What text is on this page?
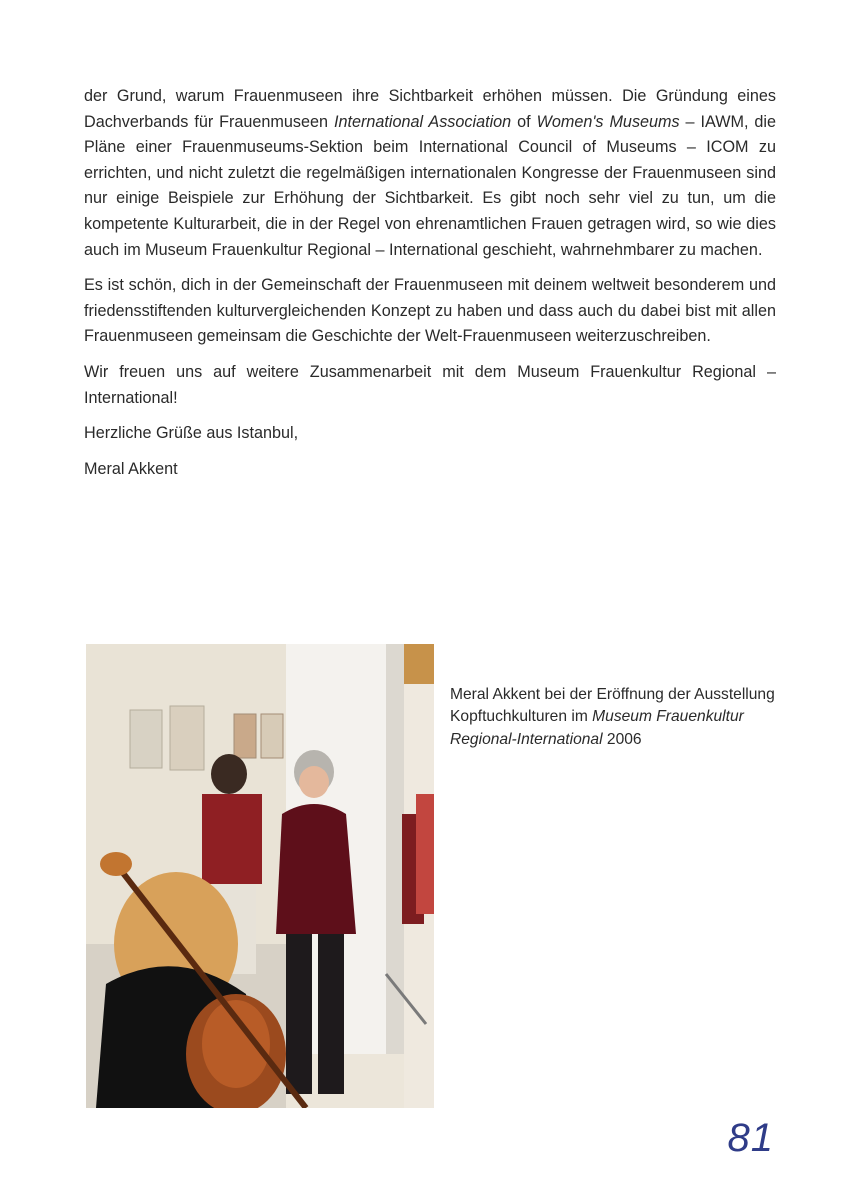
der Grund, warum Frauenmuseen ihre Sichtbarkeit erhöhen müssen. Die Gründung eines Dachverbands für Frauenmuseen International Association of Women's Museums – IAWM, die Pläne einer Frauenmuseums-Sektion beim International Council of Museums – ICOM zu errichten, und nicht zuletzt die regelmäßigen internationalen Kongresse der Frauenmuseen sind nur einige Beispiele zur Erhöhung der Sichtbarkeit. Es gibt noch sehr viel zu tun, um die kompetente Kulturarbeit, die in der Regel von ehrenamtlichen Frauen getragen wird, so wie dies auch im Museum Frauenkultur Regional – International geschieht, wahrnehmbarer zu machen.

Es ist schön, dich in der Gemeinschaft der Frauenmuseen mit deinem weltweit besonderem und friedensstiftenden kulturvergleichenden Konzept zu haben und dass auch du dabei bist mit allen Frauenmuseen gemeinsam die Geschichte der Welt-Frauenmuseen weiterzuschreiben.

Wir freuen uns auf weitere Zusammenarbeit mit dem Museum Frauenkultur Regional – International!

Herzliche Grüße aus Istanbul,

Meral Akkent

Meral Akkent bei der Eröffnung der Ausstellung Kopftuchkulturen im Museum Frauenkultur Regional-International 2006
81
